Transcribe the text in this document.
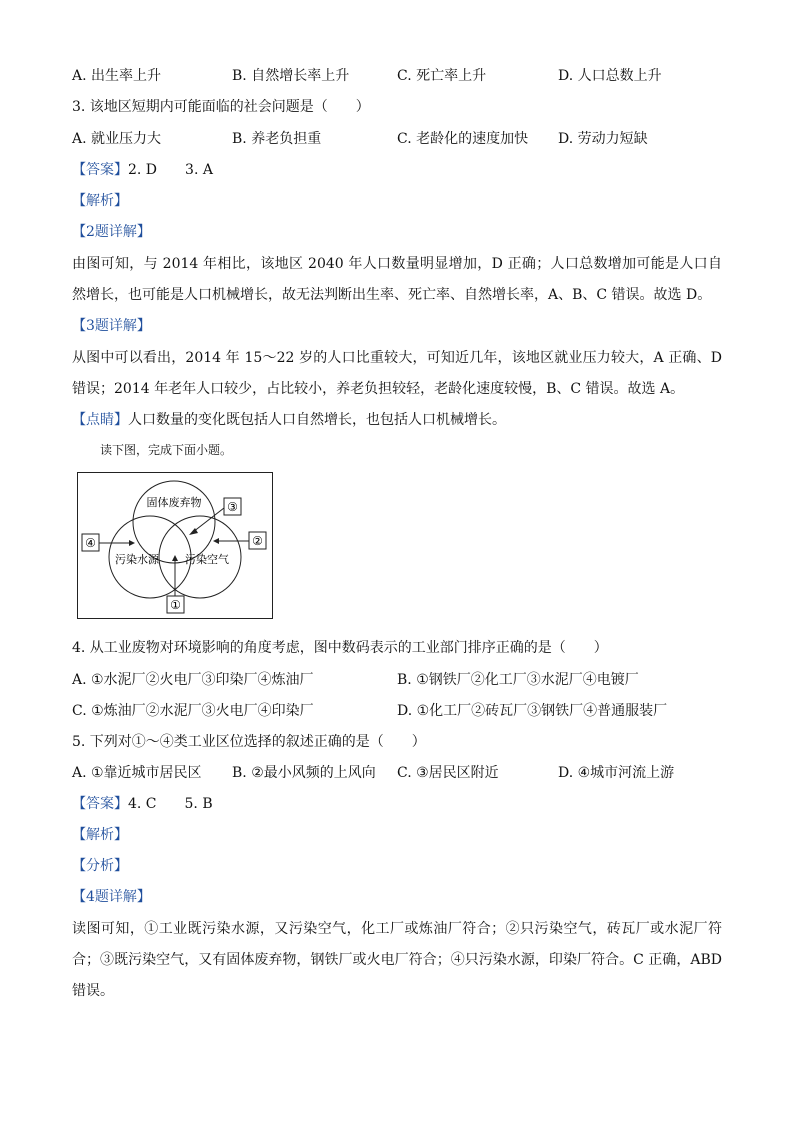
A. 出生率上升	B. 自然增长率上升	C. 死亡率上升	D. 人口总数上升
3. 该地区短期内可能面临的社会问题是（　　）
A. 就业压力大	B. 养老负担重	C. 老龄化的速度加快 D. 劳动力短缺
【答案】2. D　　3. A
【解析】
【2题详解】
由图可知，与 2014 年相比，该地区 2040 年人口数量明显增加，D 正确；人口总数增加可能是人口自然增长，也可能是人口机械增长，故无法判断出生率、死亡率、自然增长率，A、B、C 错误。故选 D。
【3题详解】
从图中可以看出，2014 年 15～22 岁的人口比重较大，可知近几年，该地区就业压力较大，A 正确、D 错误；2014 年老年人口较少，占比较小，养老负担较轻，老龄化速度较慢，B、C 错误。故选 A。
【点睛】人口数量的变化既包括人口自然增长，也包括人口机械增长。
读下图，完成下面小题。
固体废弃物
污染水源 污染空气
④	②
③
①
4. 从工业废物对环境影响的角度考虑，图中数码表示的工业部门排序正确的是（　　）
A. ①水泥厂②火电厂③印染厂④炼油厂	B. ①钢铁厂②化工厂③水泥厂④电镀厂
C. ①炼油厂②水泥厂③火电厂④印染厂	D. ①化工厂②砖瓦厂③钢铁厂④普通服装厂
5. 下列对①～④类工业区位选择的叙述正确的是（　　）
A. ①靠近城市居民区 B. ②最小风频的上风向 C. ③居民区附近	D. ④城市河流上游
【答案】4. C　　5. B
【解析】
【分析】
【4题详解】
读图可知，①工业既污染水源，又污染空气，化工厂或炼油厂符合；②只污染空气，砖瓦厂或水泥厂符合；③既污染空气，又有固体废弃物，钢铁厂或火电厂符合；④只污染水源，印染厂符合。C 正确，ABD 错误。
